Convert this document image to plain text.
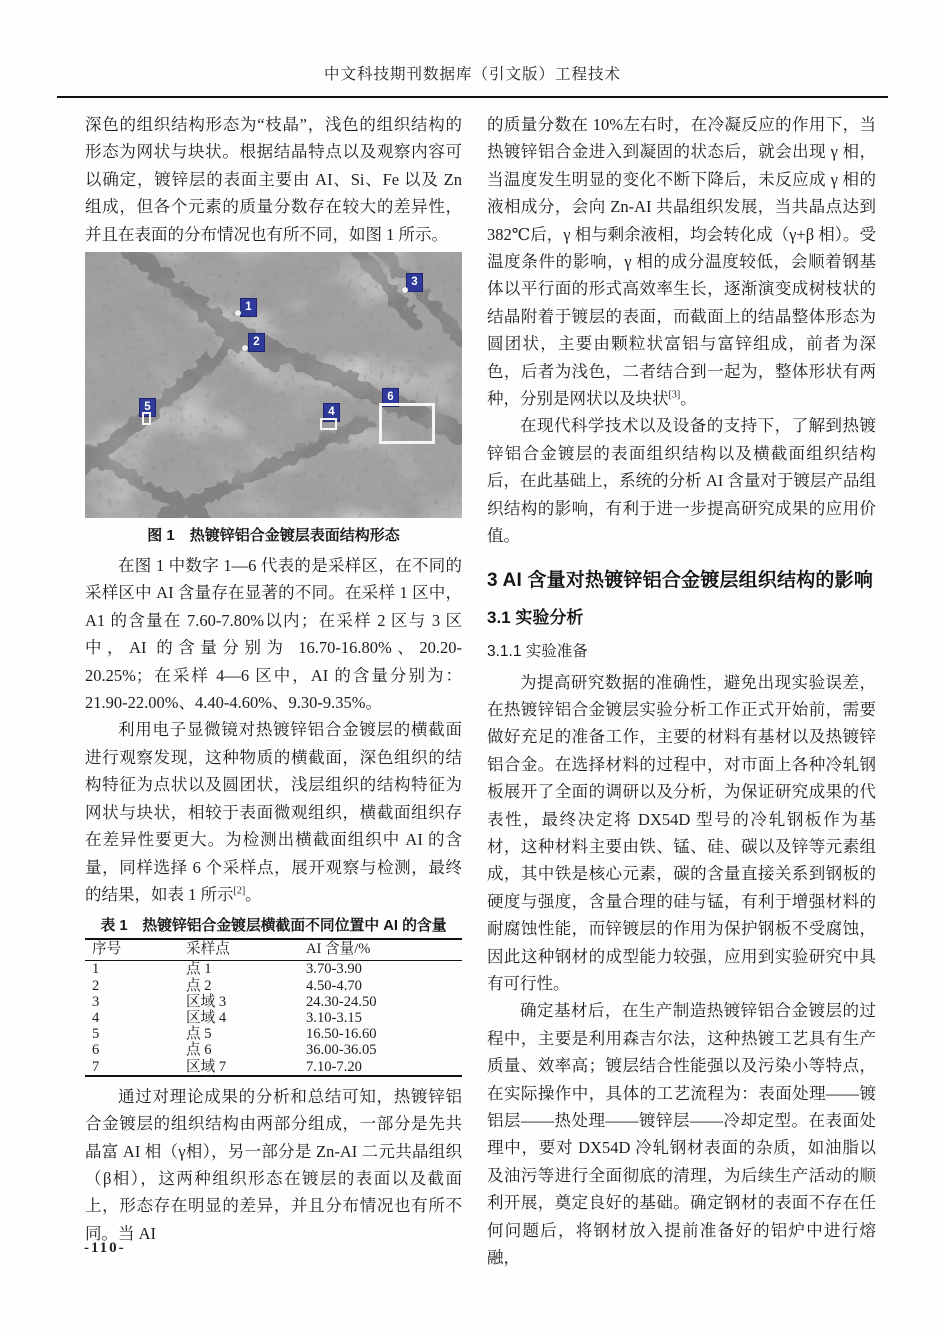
中文科技期刊数据库（引文版）工程技术

深色的组织结构形态为“枝晶”，浅色的组织结构的形态为网状与块状。根据结晶特点以及观察内容可以确定，镀锌层的表面主要由 AI、Si、Fe 以及 Zn 组成，但各个元素的质量分数存在较大的差异性，并且在表面的分布情况也有所不同，如图 1 所示。

1
2
3
4
5
6
图 1　热镀锌铝合金镀层表面结构形态

在图 1 中数字 1—6 代表的是采样区，在不同的采样区中 AI 含量存在显著的不同。在采样 1 区中，A1 的含量在 7.60-7.80%以内；在采样 2 区与 3 区中，AI 的含量分别为 16.70-16.80%、20.20-20.25%；在采样 4—6 区中，AI 的含量分别为：21.90-22.00%、4.40-4.60%、9.30-9.35%。

利用电子显微镜对热镀锌铝合金镀层的横截面进行观察发现，这种物质的横截面，深色组织的结构特征为点状以及圆团状，浅层组织的结构特征为网状与块状，相较于表面微观组织，横截面组织存在差异性要更大。为检测出横截面组织中 AI 的含量，同样选择 6 个采样点，展开观察与检测，最终的结果，如表 1 所示[2]。

表 1　热镀锌铝合金镀层横截面不同位置中 AI 的含量
序号	采样点	AI 含量/%
1	点 1	3.70-3.90
2	点 2	4.50-4.70
3	区域 3	24.30-24.50
4	区域 4	3.10-3.15
5	点 5	16.50-16.60
6	点 6	36.00-36.05
7	区域 7	7.10-7.20

通过对理论成果的分析和总结可知，热镀锌铝合金镀层的组织结构由两部分组成，一部分是先共晶富 AI 相（γ相），另一部分是 Zn-AI 二元共晶组织（β相），这两种组织形态在镀层的表面以及截面上，形态存在明显的差异，并且分布情况也有所不同。当 AI

的质量分数在 10%左右时，在冷凝反应的作用下，当热镀锌铝合金进入到凝固的状态后，就会出现 γ 相，当温度发生明显的变化不断下降后，未反应成 γ 相的液相成分，会向 Zn-AI 共晶组织发展，当共晶点达到 382℃后，γ 相与剩余液相，均会转化成（γ+β 相）。受温度条件的影响，γ 相的成分温度较低，会顺着钢基体以平行面的形式高效率生长，逐渐演变成树枝状的结晶附着于镀层的表面，而截面上的结晶整体形态为圆团状，主要由颗粒状富铝与富锌组成，前者为深色，后者为浅色，二者结合到一起为，整体形状有两种，分别是网状以及块状[3]。

在现代科学技术以及设备的支持下，了解到热镀锌铝合金镀层的表面组织结构以及横截面组织结构后，在此基础上，系统的分析 AI 含量对于镀层产品组织结构的影响，有利于进一步提高研究成果的应用价值。

3 AI 含量对热镀锌铝合金镀层组织结构的影响
3.1 实验分析
3.1.1 实验准备

为提高研究数据的准确性，避免出现实验误差，在热镀锌铝合金镀层实验分析工作正式开始前，需要做好充足的准备工作，主要的材料有基材以及热镀锌铝合金。在选择材料的过程中，对市面上各种冷轧钢板展开了全面的调研以及分析，为保证研究成果的代表性，最终决定将 DX54D 型号的冷轧钢板作为基材，这种材料主要由铁、锰、硅、碳以及锌等元素组成，其中铁是核心元素，碳的含量直接关系到钢板的硬度与强度，含量合理的硅与锰，有利于增强材料的耐腐蚀性能，而锌镀层的作用为保护钢板不受腐蚀，因此这种钢材的成型能力较强，应用到实验研究中具有可行性。

确定基材后，在生产制造热镀锌铝合金镀层的过程中，主要是利用森吉尔法，这种热镀工艺具有生产质量、效率高；镀层结合性能强以及污染小等特点，在实际操作中，具体的工艺流程为：表面处理——镀铝层——热处理——镀锌层——冷却定型。在表面处理中，要对 DX54D 冷轧钢材表面的杂质，如油脂以及油污等进行全面彻底的清理，为后续生产活动的顺利开展，奠定良好的基础。确定钢材的表面不存在任何问题后，将钢材放入提前准备好的铝炉中进行熔融，

-110-
